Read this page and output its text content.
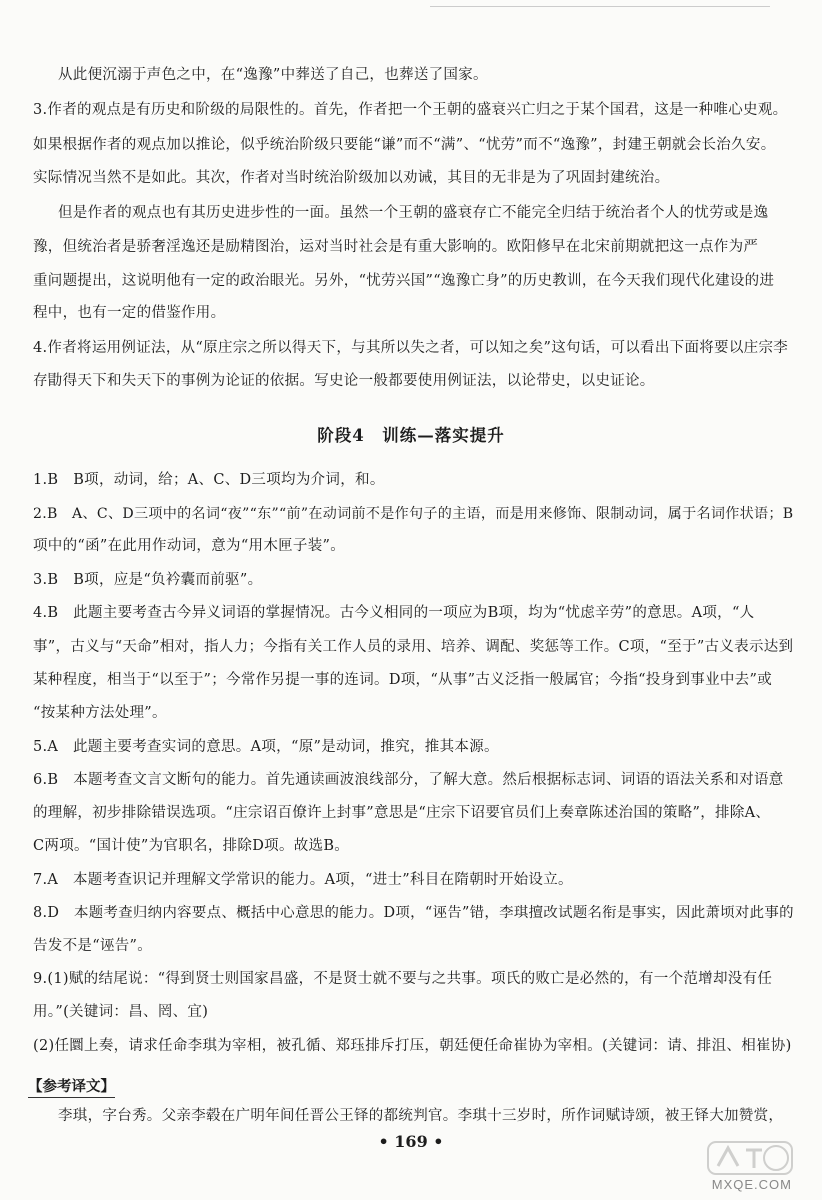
从此便沉溺于声色之中，在“逸豫”中葬送了自己，也葬送了国家。
3.作者的观点是有历史和阶级的局限性的。首先，作者把一个王朝的盛衰兴亡归之于某个国君，这是一种唯心史观。
如果根据作者的观点加以推论，似乎统治阶级只要能“谦”而不“满”、“忧劳”而不“逸豫”，封建王朝就会长治久安。
实际情况当然不是如此。其次，作者对当时统治阶级加以劝诫，其目的无非是为了巩固封建统治。
但是作者的观点也有其历史进步性的一面。虽然一个王朝的盛衰存亡不能完全归结于统治者个人的忧劳或是逸
豫，但统治者是骄奢淫逸还是励精图治，运对当时社会是有重大影响的。欧阳修早在北宋前期就把这一点作为严
重问题提出，这说明他有一定的政治眼光。另外，“忧劳兴国”“逸豫亡身”的历史教训，在今天我们现代化建设的进
程中，也有一定的借鉴作用。
4.作者将运用例证法，从“原庄宗之所以得天下，与其所以失之者，可以知之矣”这句话，可以看出下面将要以庄宗李
存勖得天下和失天下的事例为论证的依据。写史论一般都要使用例证法，以论带史，以史证论。
阶段4　训练—落实提升
1.B　B项，动词，给；A、C、D三项均为介词，和。
2.B　A、C、D三项中的名词“夜”“东”“前”在动词前不是作句子的主语，而是用来修饰、限制动词，属于名词作状语；B
项中的“函”在此用作动词，意为“用木匣子装”。
3.B　B项，应是“负衿囊而前驱”。
4.B　此题主要考查古今异义词语的掌握情况。古今义相同的一项应为B项，均为“忧虑辛劳”的意思。A项，“人
事”，古义与“天命”相对，指人力；今指有关工作人员的录用、培养、调配、奖惩等工作。C项，“至于”古义表示达到
某种程度，相当于“以至于”；今常作另提一事的连词。D项，“从事”古义泛指一般属官；今指“投身到事业中去”或
“按某种方法处理”。
5.A　此题主要考查实词的意思。A项，“原”是动词，推究，推其本源。
6.B　本题考查文言文断句的能力。首先通读画波浪线部分，了解大意。然后根据标志词、词语的语法关系和对语意
的理解，初步排除错误选项。“庄宗诏百僚许上封事”意思是“庄宗下诏要官员们上奏章陈述治国的策略”，排除A、
C两项。“国计使”为官职名，排除D项。故选B。
7.A　本题考查识记并理解文学常识的能力。A项，“进士”科目在隋朝时开始设立。
8.D　本题考查归纳内容要点、概括中心意思的能力。D项，“诬告”错，李琪擅改试题名衔是事实，因此萧顷对此事的
告发不是“诬告”。
9.(1)赋的结尾说：“得到贤士则国家昌盛，不是贤士就不要与之共事。项氏的败亡是必然的，有一个范增却没有任
用。”(关键词：昌、罔、宜)
(2)任圜上奏，请求任命李琪为宰相，被孔循、郑珏排斥打压，朝廷便任命崔协为宰相。(关键词：请、排沮、相崔协)
【参考译文】
李琪，字台秀。父亲李毂在广明年间任晋公王铎的都统判官。李琪十三岁时，所作词赋诗颂，被王铎大加赞赏，
• 169 •
MXQE.COM
